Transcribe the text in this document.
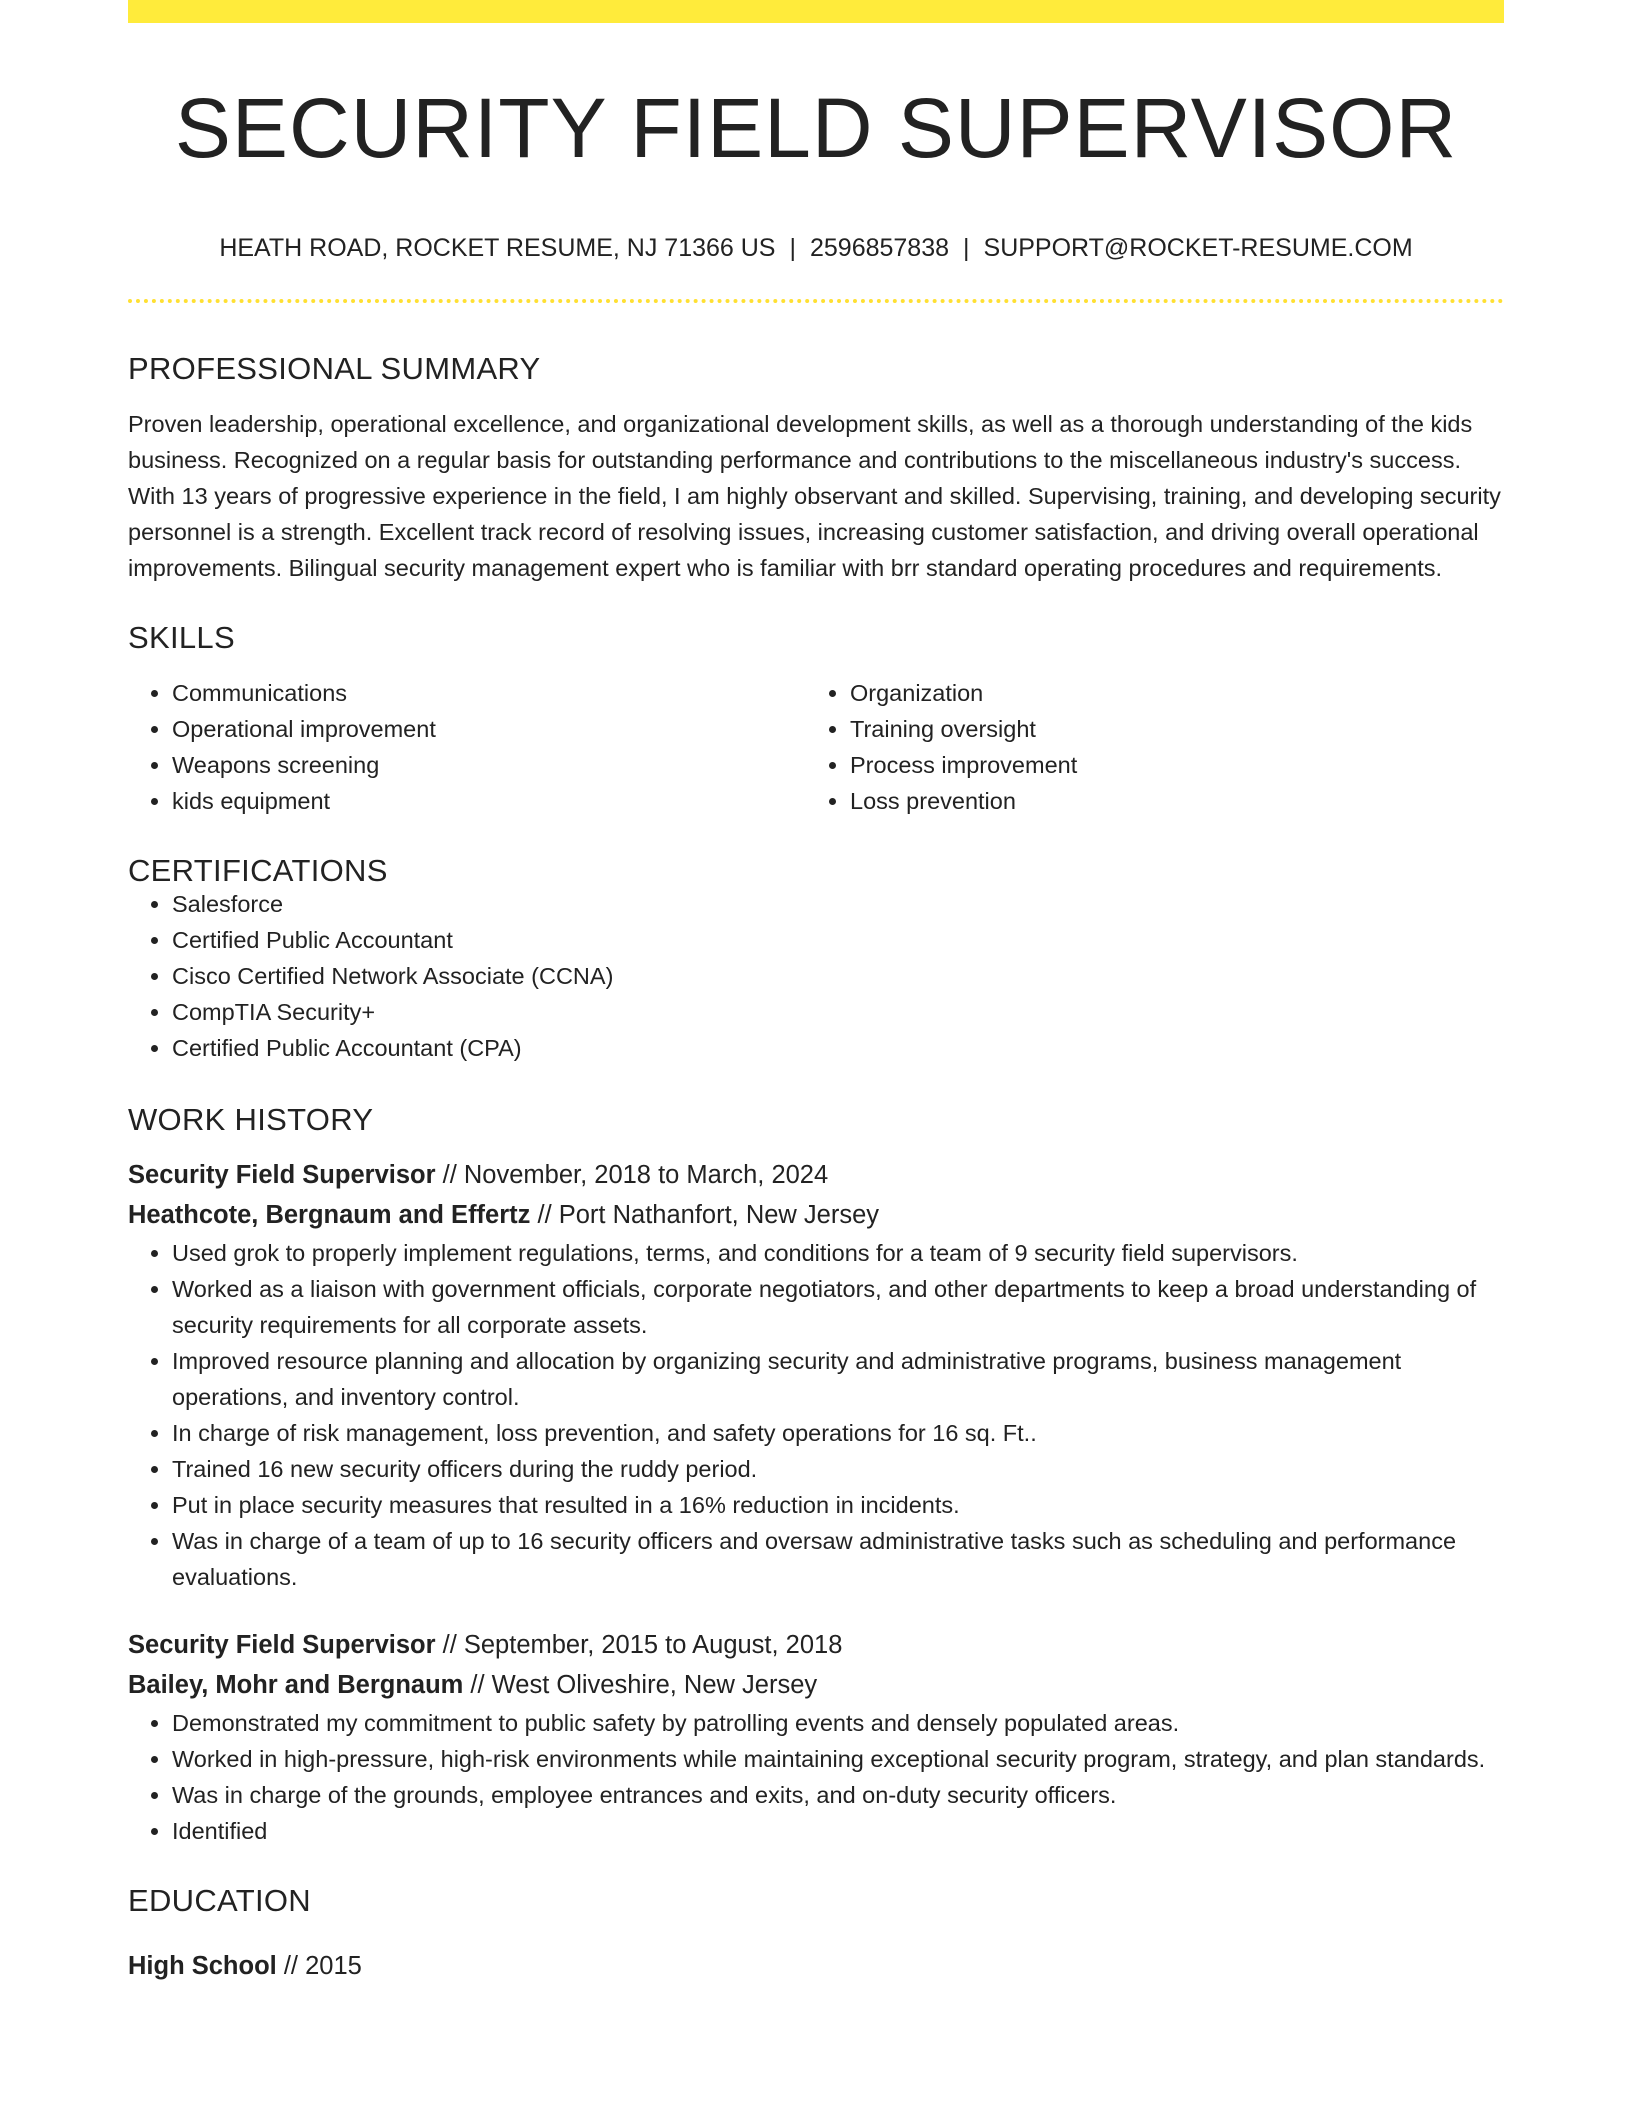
SECURITY FIELD SUPERVISOR
HEATH ROAD, ROCKET RESUME, NJ 71366 US | 2596857838 | SUPPORT@ROCKET-RESUME.COM
PROFESSIONAL SUMMARY
Proven leadership, operational excellence, and organizational development skills, as well as a thorough understanding of the kids business. Recognized on a regular basis for outstanding performance and contributions to the miscellaneous industry's success. With 13 years of progressive experience in the field, I am highly observant and skilled. Supervising, training, and developing security personnel is a strength. Excellent track record of resolving issues, increasing customer satisfaction, and driving overall operational improvements. Bilingual security management expert who is familiar with brr standard operating procedures and requirements.
SKILLS
• Communications
• Operational improvement
• Weapons screening
• kids equipment
• Organization
• Training oversight
• Process improvement
• Loss prevention
CERTIFICATIONS
• Salesforce
• Certified Public Accountant
• Cisco Certified Network Associate (CCNA)
• CompTIA Security+
• Certified Public Accountant (CPA)
WORK HISTORY
Security Field Supervisor // November, 2018 to March, 2024
Heathcote, Bergnaum and Effertz // Port Nathanfort, New Jersey
• Used grok to properly implement regulations, terms, and conditions for a team of 9 security field supervisors.
• Worked as a liaison with government officials, corporate negotiators, and other departments to keep a broad understanding of security requirements for all corporate assets.
• Improved resource planning and allocation by organizing security and administrative programs, business management operations, and inventory control.
• In charge of risk management, loss prevention, and safety operations for 16 sq. Ft..
• Trained 16 new security officers during the ruddy period.
• Put in place security measures that resulted in a 16% reduction in incidents.
• Was in charge of a team of up to 16 security officers and oversaw administrative tasks such as scheduling and performance evaluations.
Security Field Supervisor // September, 2015 to August, 2018
Bailey, Mohr and Bergnaum // West Oliveshire, New Jersey
• Demonstrated my commitment to public safety by patrolling events and densely populated areas.
• Worked in high-pressure, high-risk environments while maintaining exceptional security program, strategy, and plan standards.
• Was in charge of the grounds, employee entrances and exits, and on-duty security officers.
• Identified
EDUCATION
High School // 2015
